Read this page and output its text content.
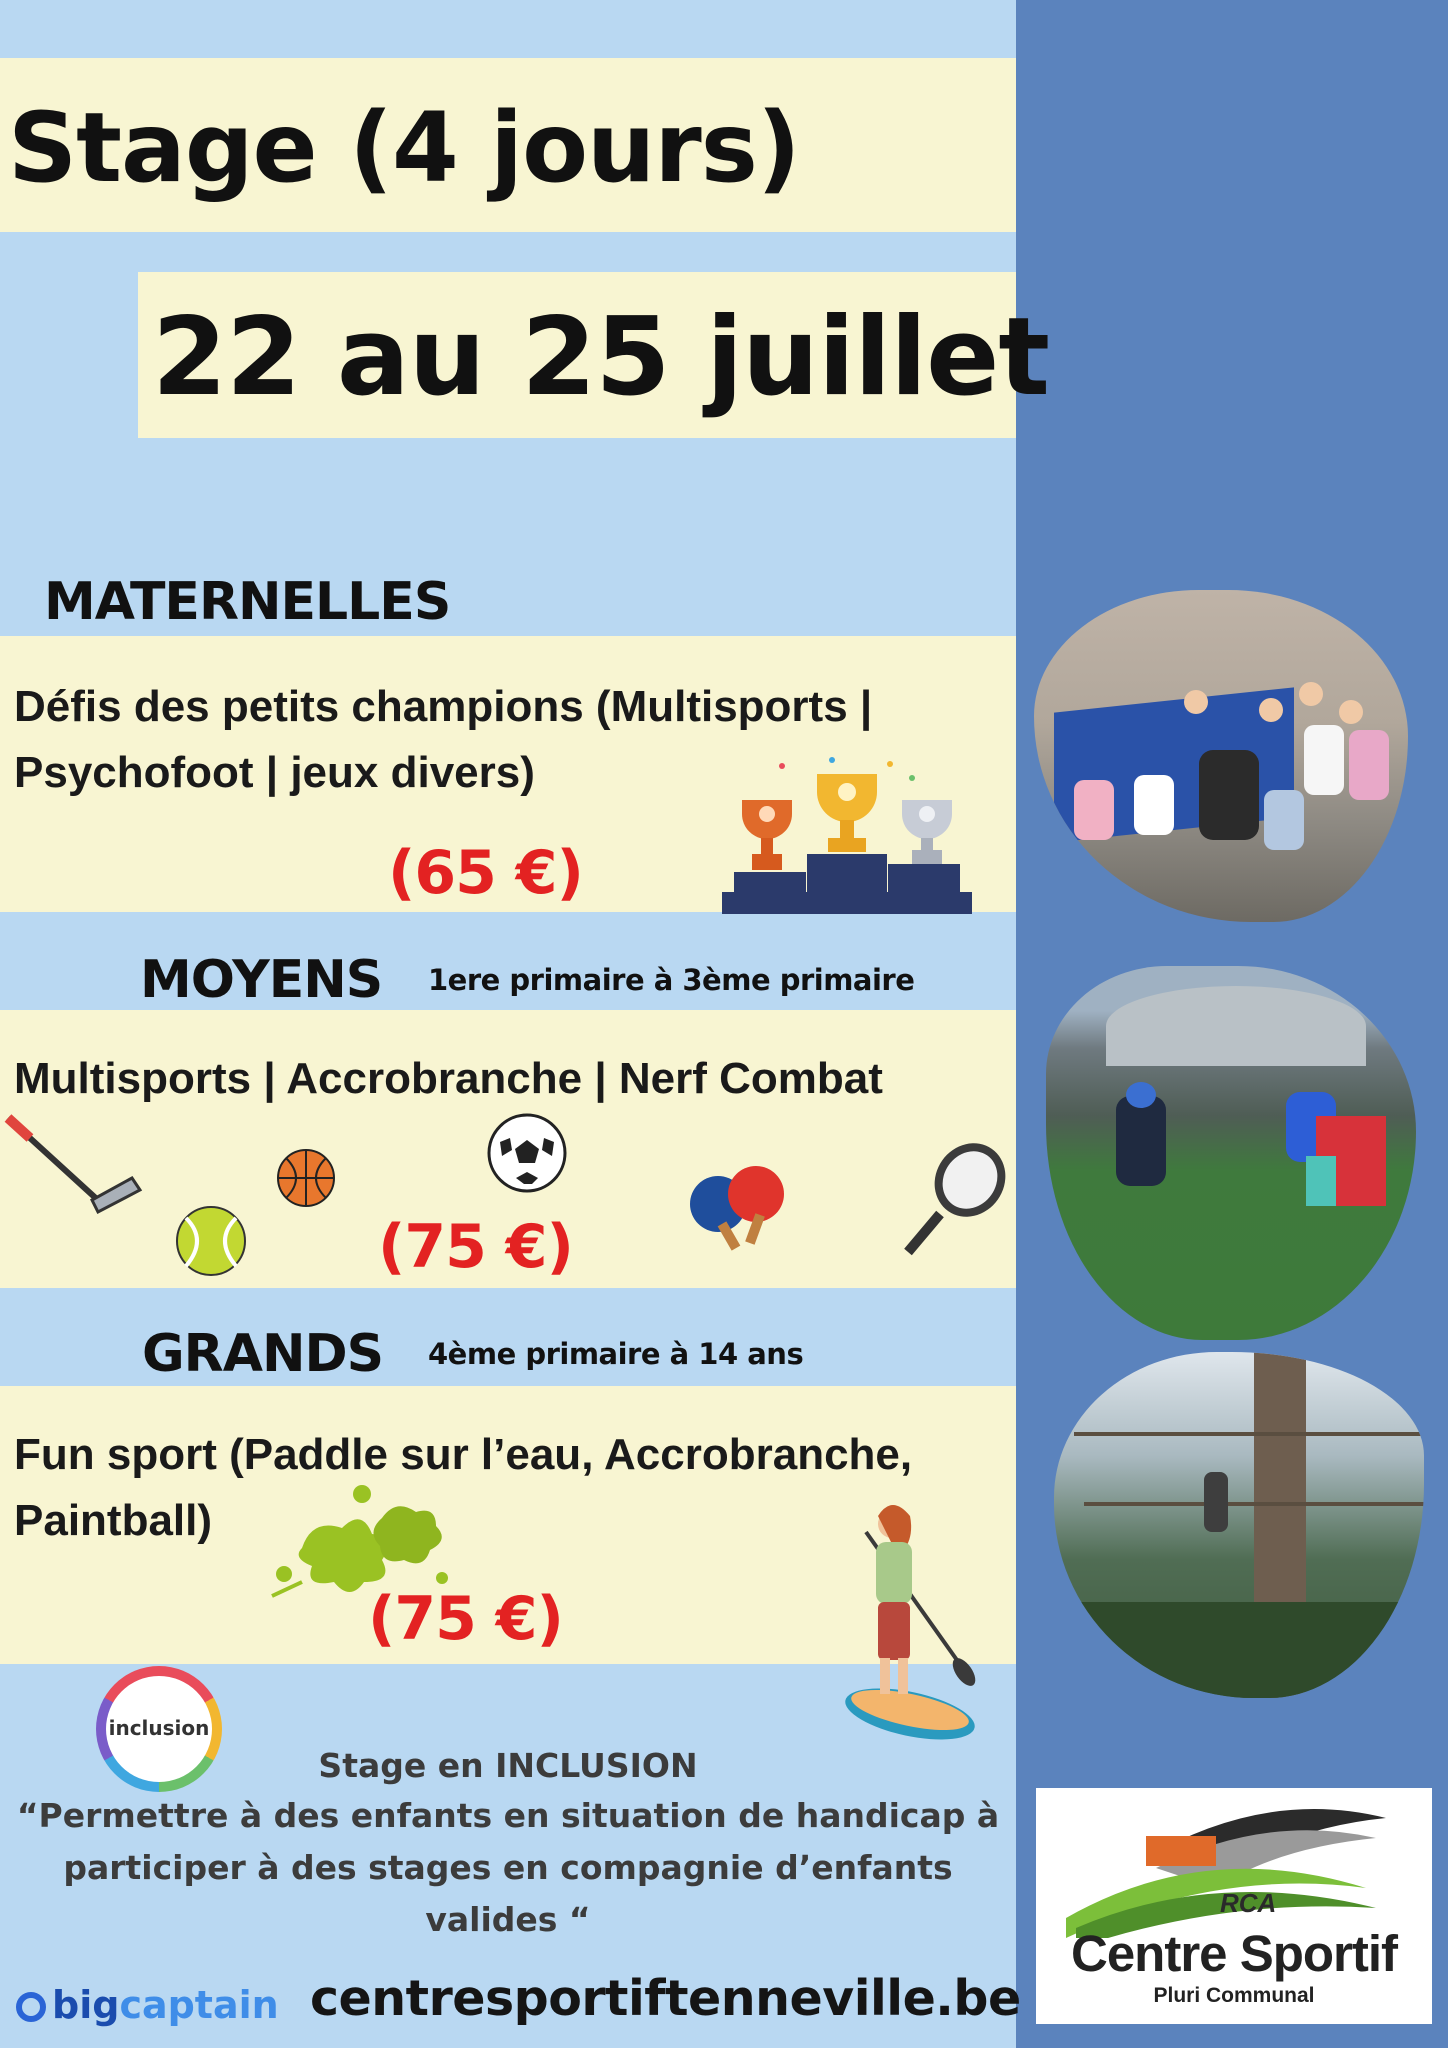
Stage (4 jours)
22 au 25 juillet
MATERNELLES
Défis des petits champions (Multisports |
Psychofoot | jeux divers)
(65 €)
MOYENS 1ere primaire à 3ème primaire
Multisports | Accrobranche | Nerf Combat
(75 €)
GRANDS 4ème primaire à 14 ans
Fun sport (Paddle sur l’eau, Accrobranche,
Paintball)
(75 €)
inclusion
Stage en INCLUSION
“Permettre à des enfants en situation de handicap à
participer à des stages en compagnie d’enfants
valides “
bigcaptain centresportiftenneville.be
RCA
Centre Sportif
Pluri Communal
